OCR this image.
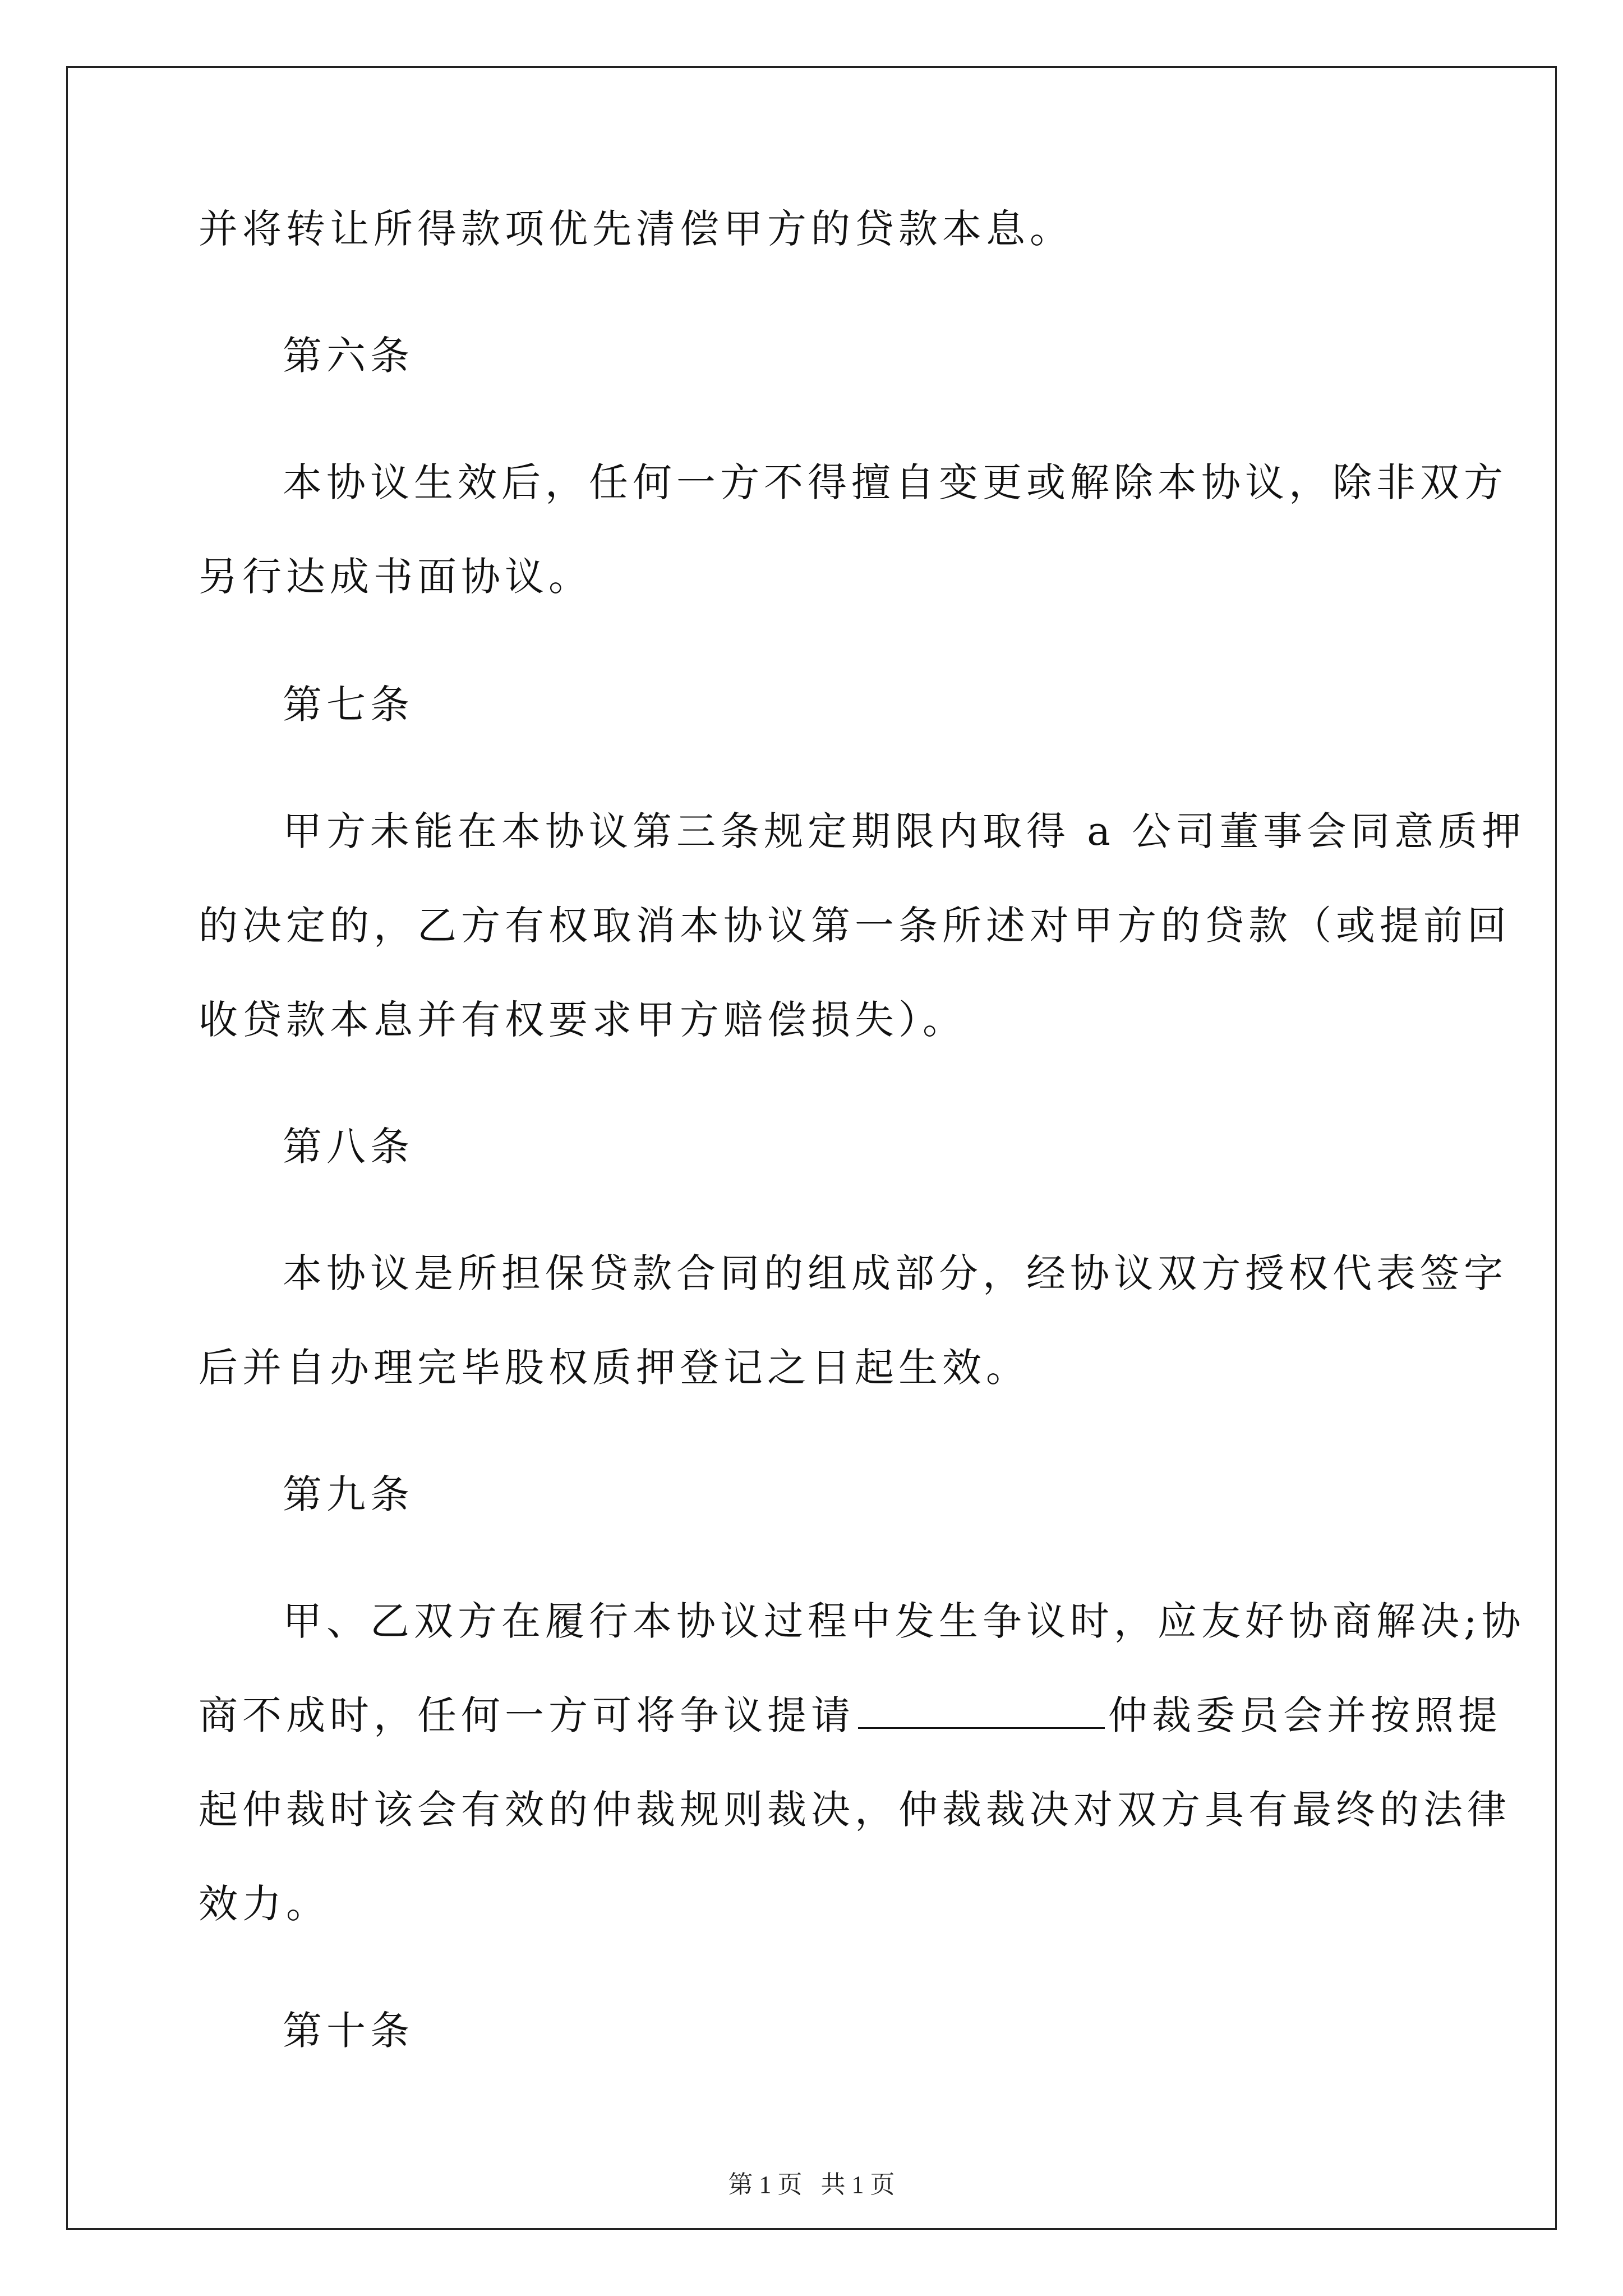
并将转让所得款项优先清偿甲方的贷款本息。
第六条
本协议生效后，任何一方不得擅自变更或解除本协议，除非双方
另行达成书面协议。
第七条
甲方未能在本协议第三条规定期限内取得 a 公司董事会同意质押
的决定的，乙方有权取消本协议第一条所述对甲方的贷款（或提前回
收贷款本息并有权要求甲方赔偿损失）。
第八条
本协议是所担保贷款合同的组成部分，经协议双方授权代表签字
后并自办理完毕股权质押登记之日起生效。
第九条
甲、乙双方在履行本协议过程中发生争议时，应友好协商解决;协
商不成时，任何一方可将争议提请	仲裁委员会并按照提
起仲裁时该会有效的仲裁规则裁决，仲裁裁决对双方具有最终的法律
效力。
第十条
第 1 页   共 1 页
